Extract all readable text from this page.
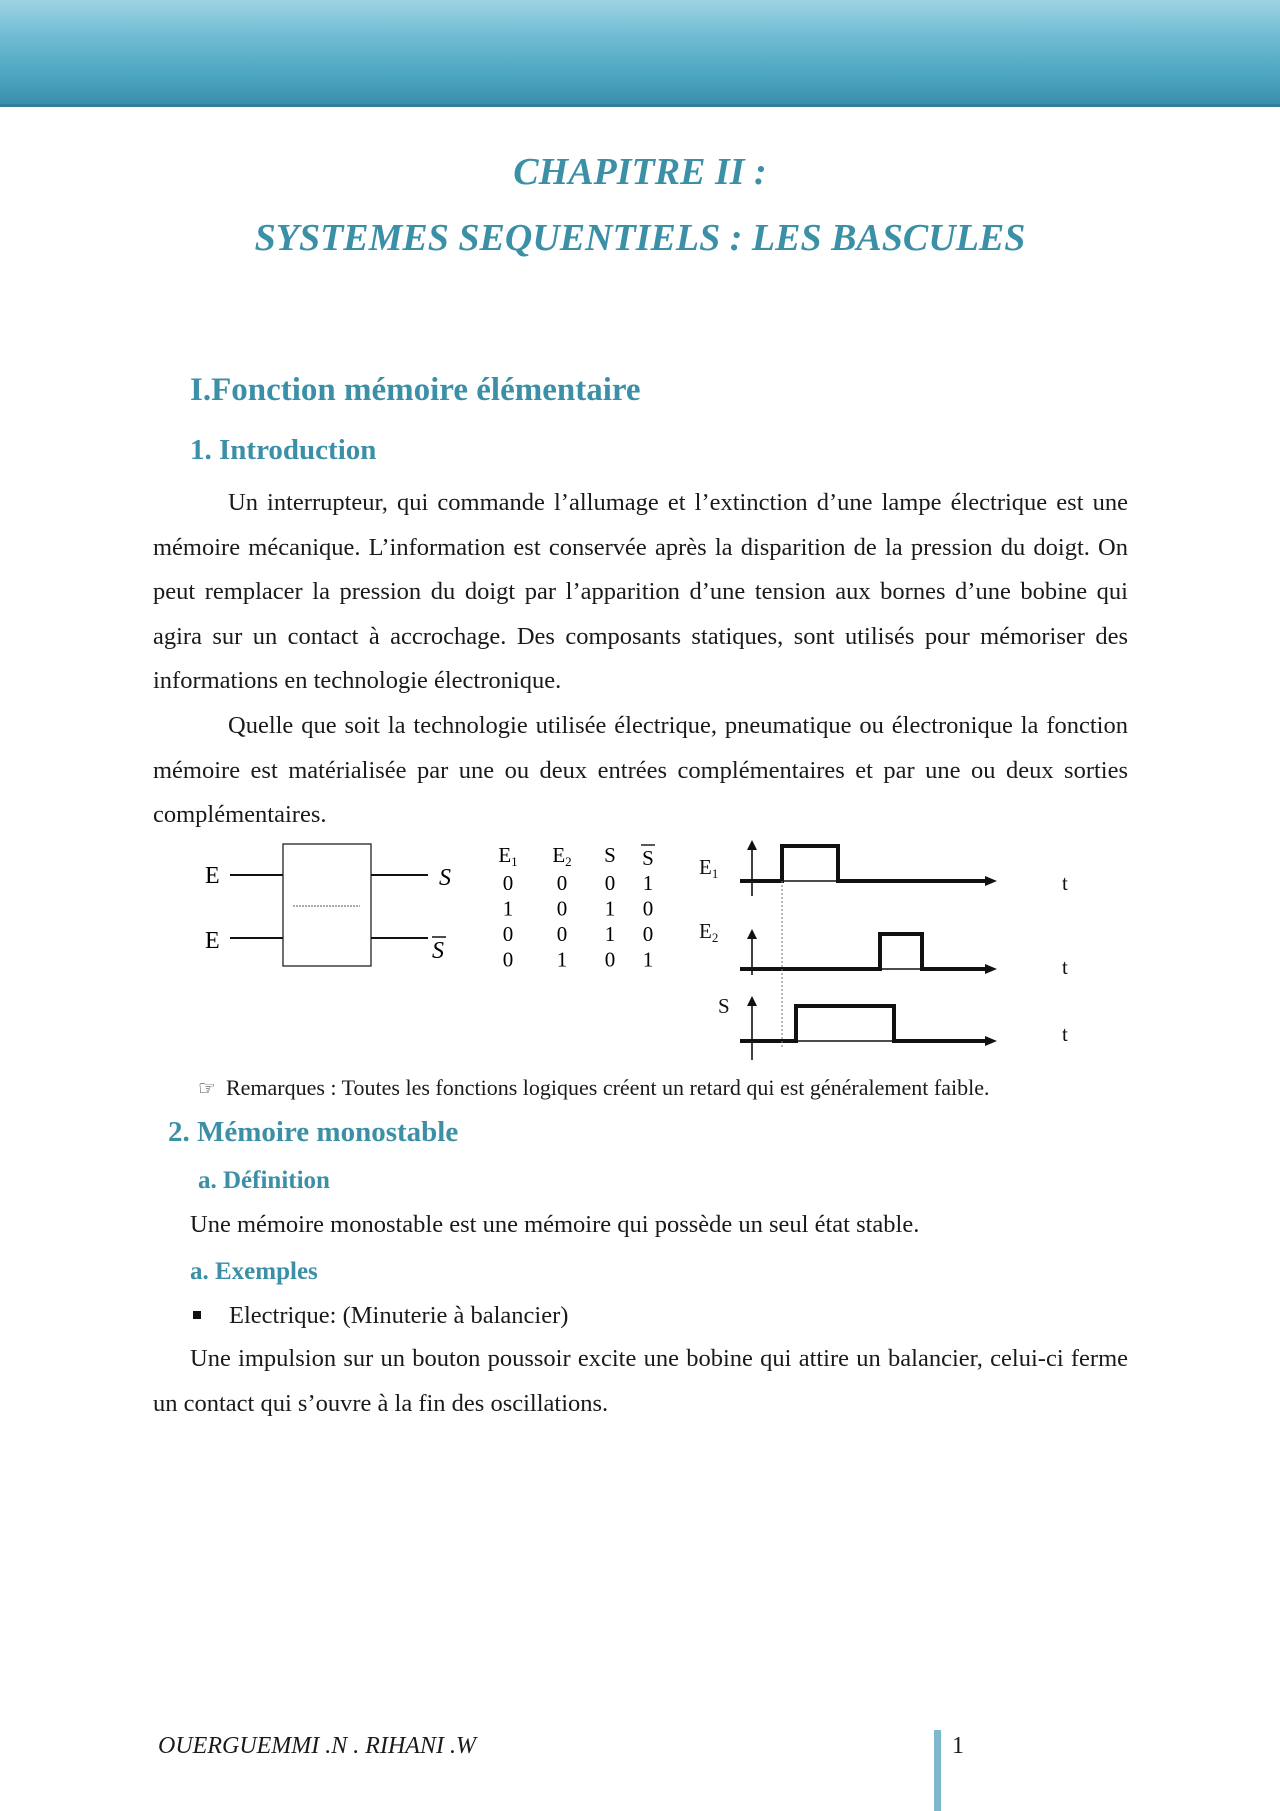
CHAPITRE II :
SYSTEMES SEQUENTIELS : LES BASCULES
I.Fonction mémoire élémentaire
1. Introduction

Un interrupteur, qui commande l’allumage et l’extinction d’une lampe électrique est une mémoire mécanique. L’information est conservée après la disparition de la pression du doigt. On peut remplacer la pression du doigt par l’apparition d’une tension aux bornes d’une bobine qui agira sur un contact à accrochage. Des composants statiques, sont utilisés pour mémoriser des informations en technologie électronique.

Quelle que soit la technologie utilisée électrique, pneumatique ou électronique la fonction mémoire est matérialisée par une ou deux entrées complémentaires et par une ou deux sorties complémentaires.

E
E
S
S
E1 E2 S S
0 0 0 1
1 0 1 0
0 0 1 0
0 1 0 1
E1
E2
S
t
t
t
☞ Remarques : Toutes les fonctions logiques créent un retard qui est généralement faible.
2. Mémoire monostable
a. Définition
Une mémoire monostable est une mémoire qui possède un seul état stable.
a. Exemples
Electrique: (Minuterie à balancier)

Une impulsion sur un bouton poussoir excite une bobine qui attire un balancier, celui-ci ferme un contact qui s’ouvre à la fin des oscillations.

OUERGUEMMI .N . RIHANI .W	1
